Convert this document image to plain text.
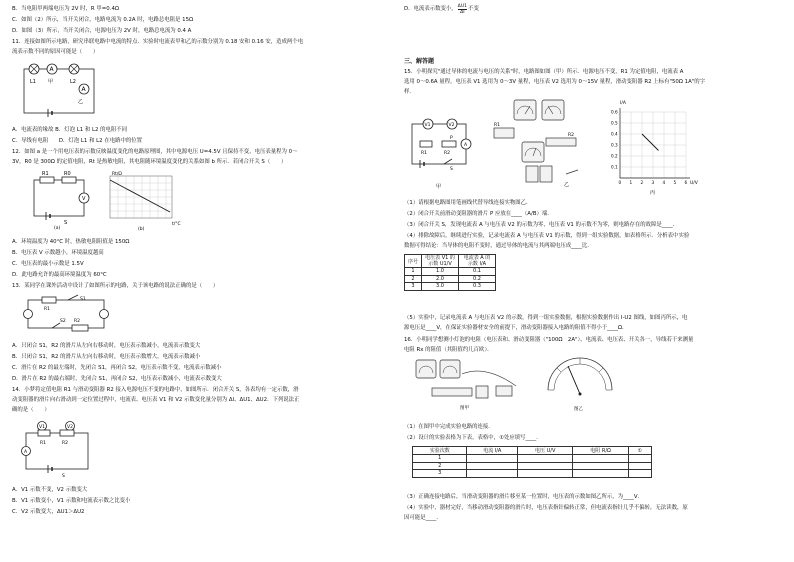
B．当电阻甲两端电压为 2V 时，R 甲=0.4Ω
C．如图（2）所示，当开关闭合，电路电流为 0.2A 时，电路总电阻是 15Ω
D．如图（3）所示，当开关闭合，电源电压为 2V 时，电路总电流为 0.4 A
11．连接如图所示电路，研究串联电路中电流的特点．实验时电流表甲和乙的示数分别为 0.18 安和 0.16 安，造成两个电
流表示数不同的原因可能是（　　）
A
A
L1 甲	L2
乙
A．电流表的缘故 B．灯泡 L1 和 L2 的电阻不同
C．导线有电阻　　D．灯泡 L1 和 L2 在电路中的位置
12．如图 a 是一个用电压表的示数反映温度变化的电路原理图，其中电源电压 U=4.5V 且保持不变，电压表量程为 0～
3V，R0 是 300Ω 的定值电阻，Rt 是热敏电阻，其电阻随环境温度变化的关系如图 b 所示．若闭合开关 S（　　）
R1	R0
V
S
(a)
Rt/Ω
t/°C
(b)
A．环境温度为 40°C 时，热敏电阻阻值是 150Ω
B．电压表 V 示数越小，环境温度越高
C．电压表的最小示数是 1.5V
D．此电路允许的最高环境温度为 60°C
13．某同学在课外活动中设计了如图所示的电路，关于该电路的说法正确的是（　　）
S1
S2
R1
R2
A．只闭合 S1，R2 的滑片从左向右移动时，电压表示数减小，电流表示数变大
B．只闭合 S1，R2 的滑片从左向右移动时，电压表示数增大，电流表示数减小
C．滑片在 R2 的最左端时，先闭合 S1，再闭合 S2，电压表示数不变，电流表示数减小
D．滑片在 R2 的最右端时，先闭合 S1，再闭合 S2，电压表示数减小，电流表示数变大
14．小梦将定值电阻 R1 与滑动变阻器 R2 接入电源电压不变的电路中，如图所示．闭合开关 S，各表均有一定示数，滑
动变阻器的滑片向右滑动到一定位置过程中，电流表、电压表 V1 和 V2 示数变化量分别为 ΔI、ΔU1、ΔU2．下列说法正
确的是（　　）
V1	V2
A
R1	R2
S
A．V1 示数不变，V2 示数变大
B．V1 示数变小，V1 示数和电流表示数之比变小
C．V2 示数变大，ΔU1＞ΔU2
D．电流表示数变小， $\frac{\Delta U1}{\Delta I}$ 不变
三、解答题
15．小明探究"通过导体的电流与电压的关系"时，电路图如图（甲）所示．电源电压不变，R1 为定值电阻，电流表 A
选用 0～0.6A 量程，电压表 V1 选用为 0～3V 量程，电压表 V2 选用为 0～15V 量程，滑动变阻器 R2 上标有"50Ω 1A"的字
样．
V1	V2
A
R1	R2
P
S
甲
R1
R2
乙	0 1 2 3 4 5 6
0.1
0.2
0.3
0.4
0.5
0.6
I/A
U/V
丙
（1）请根据电路图用笔画线代替导线连接实物图乙．
（2）闭合开关前滑动变阻器的滑片 P 应放在____（A/B）端．
（3）闭合开关 S，发现电流表 A 与电压表 V2 的示数为零，电压表 V1 的示数不为零，则电路存在的故障是____．
（4）排除故障后，继续进行实验，记录电流表 A 与电压表 V1 的示数，得到一组实验数据，如表格所示．分析表中实验
数据可得结论：当导体的电阻不变时，通过导体的电流与其两端电压成____比．
序号	电压表 V1 的示数 U1/V	电流表 A 的示数 I/A
1	1.0	0.1
2	2.0	0.2
3	3.0	0.3
（5）实验中，记录电流表 A 与电压表 V2 的示数，得到一组实验数据，根据实验数据作出 I-U2 图线，如图丙所示，电
源电压是____V，在保证实验器材安全的前提下，滑动变阻器接入电路的阻值不得小于____Ω．
16．小明同学想测小灯泡的电阻（电压表和、滑动变阻器（"100Ω　2A"）、电流表、电压表、开关各一，导线若干来测量
电阻 Rx 的阻值（其阻值约几百欧）．
图甲	图乙
（1）在图甲中完成实验电路的连接．
（2）设计的实验表格为下表，表格中，①处应填写____．
实验次数	电流 I/A	电压 U/V	电阻 R/Ω	①
1				
2				
3				
（3）正确连接电路后，当滑动变阻器的滑片移至某一位置时，电压表的示数如图乙所示，为____V．
（4）实验中，器材完好，当移动滑动变阻器的滑片时，电压表指针偏转正常，但电流表指针几乎不偏转，无法读数，原
因可能是____．
